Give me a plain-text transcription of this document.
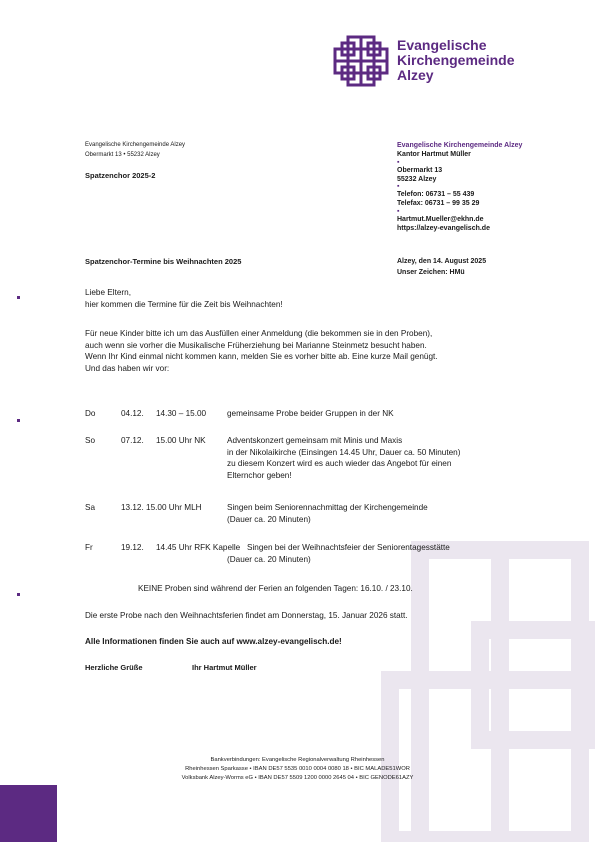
Evangelische
Kirchengemeinde
Alzey
Evangelische Kirchengemeinde Alzey
Obermarkt 13 • 55232 Alzey
Spatzenchor 2025-2
Evangelische Kirchengemeinde Alzey
Kantor Hartmut Müller
▪
Obermarkt 13
55232 Alzey
▪
Telefon: 06731 – 55 439
Telefax: 06731 – 99 35 29
▪
Hartmut.Mueller@ekhn.de
https://alzey-evangelisch.de
Spatzenchor-Termine bis Weihnachten 2025	Alzey, den 14. August 2025
Unser Zeichen: HMü
Liebe Eltern,
hier kommen die Termine für die Zeit bis Weihnachten!
Für neue Kinder bitte ich um das Ausfüllen einer Anmeldung (die bekommen sie in den Proben),
auch wenn sie vorher die Musikalische Früherziehung bei Marianne Steinmetz besucht haben.
Wenn Ihr Kind einmal nicht kommen kann, melden Sie es vorher bitte ab. Eine kurze Mail genügt.
Und das haben wir vor:
Do	04.12. 14.30 – 15.00	gemeinsame Probe beider Gruppen in der NK
So	07.12. 15.00 Uhr NK	Adventskonzert gemeinsam mit Minis und Maxis
in der Nikolaikirche (Einsingen 14.45 Uhr, Dauer ca. 50 Minuten)
zu diesem Konzert wird es auch wieder das Angebot für einen
Elternchor geben!
Sa	13.12. 15.00 Uhr MLH	Singen beim Seniorennachmittag der Kirchengemeinde
(Dauer ca. 20 Minuten)
Fr	19.12. 14.45 Uhr RFK Kapelle   Singen bei der Weihnachtsfeier der Seniorentagesstätte
(Dauer ca. 20 Minuten)
KEINE Proben sind während der Ferien an folgenden Tagen: 16.10. / 23.10.
Die erste Probe nach den Weihnachtsferien findet am Donnerstag, 15. Januar 2026 statt.
Alle Informationen finden Sie auch auf www.alzey-evangelisch.de!
Herzliche Grüße	Ihr Hartmut Müller
Bankverbindungen: Evangelische Regionalverwaltung Rheinhessen
Rheinhessen Sparkasse • IBAN DE57 5535 0010 0004 0080 18 • BIC MALADE51WOR
Volksbank Alzey-Worms eG • IBAN DE57 5509 1200 0000 2645 04 • BIC GENODE61AZY
